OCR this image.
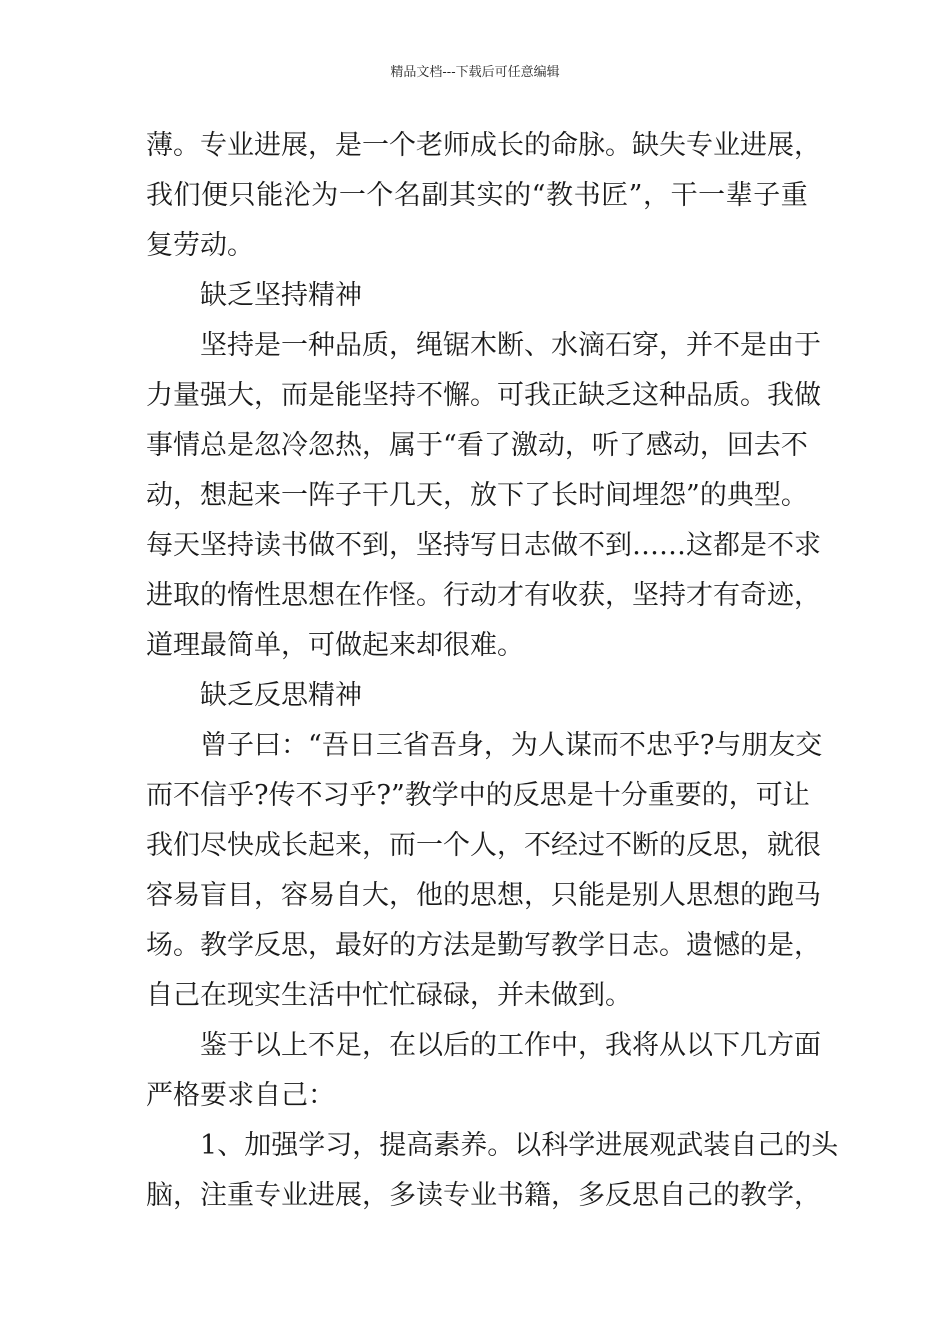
精品文档---下载后可任意编辑
薄 。 专 业 进 展 ， 是 一 个 老 师 成 长 的 命 脉 。 缺 失 专 业 进 展 ，
我 们 便 只 能 沦 为 一 个 名 副 其 实 的 “ 教 书 匠 ” ， 干 一 辈 子 重
复劳动。
缺乏坚持精神
坚 持 是 一 种 品 质 ， 绳 锯 木 断 、 水 滴 石 穿 ， 并 不 是 由 于
力 量 强 大 ， 而 是 能 坚 持 不 懈 。 可 我 正 缺 乏 这 种 品 质 。 我 做
事 情 总 是 忽 冷 忽 热 ， 属 于 “ 看 了 激 动 ， 听 了 感 动 ， 回 去 不
动 ， 想 起 来 一 阵 子 干 几 天 ， 放 下 了 长 时 间 埋 怨 ” 的 典 型 。
每 天 坚 持 读 书 做 不 到 ， 坚 持 写 日 志 做 不 到 … … 这 都 是 不 求
进 取 的 惰 性 思 想 在 作 怪 。 行 动 才 有 收 获 ， 坚 持 才 有 奇 迹 ，
道理最简单，可做起来却很难。
缺乏反思精神
曾 子 曰 ： “ 吾 日 三 省 吾 身 ， 为 人 谋 而 不 忠 乎 ? 与 朋 友 交
而 不 信 乎 ? 传 不 习 乎 ? ” 教 学 中 的 反 思 是 十 分 重 要 的 ， 可 让
我 们 尽 快 成 长 起 来 ， 而 一 个 人 ， 不 经 过 不 断 的 反 思 ， 就 很
容 易 盲 目 ， 容 易 自 大 ， 他 的 思 想 ， 只 能 是 别 人 思 想 的 跑 马
场 。 教 学 反 思 ， 最 好 的 方 法 是 勤 写 教 学 日 志 。 遗 憾 的 是 ，
自己在现实生活中忙忙碌碌，并未做到。
鉴 于 以 上 不 足 ， 在 以 后 的 工 作 中 ， 我 将 从 以 下 几 方 面
严格要求自己：
1 、 加 强 学 习 ， 提 高 素 养 。 以 科 学 进 展 观 武 装 自 己 的 头
脑 ， 注 重 专 业 进 展 ， 多 读 专 业 书 籍 ， 多 反 思 自 己 的 教 学 ，
